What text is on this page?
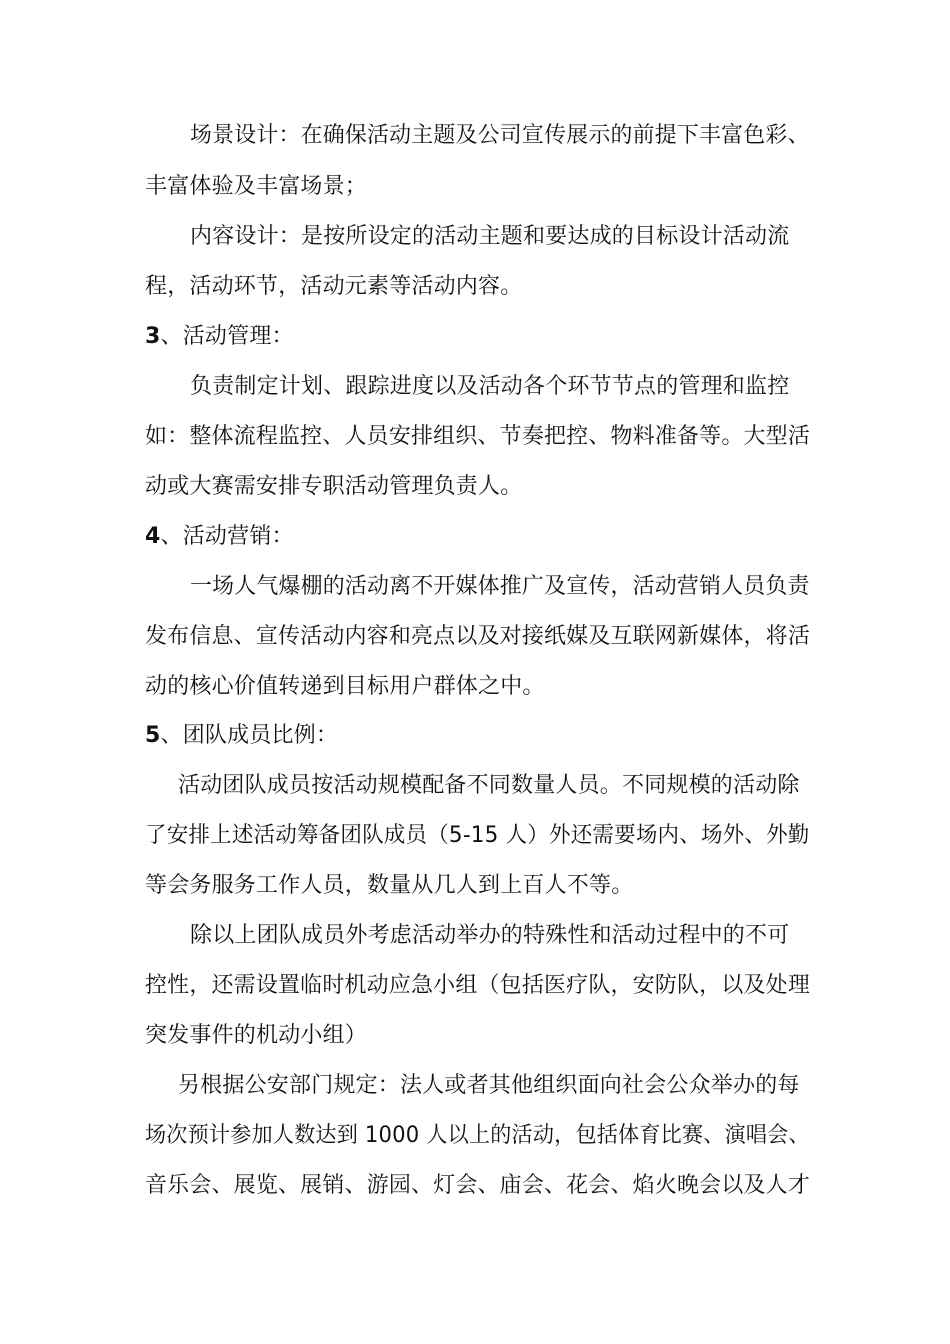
场景设计：在确保活动主题及公司宣传展示的前提下丰富色彩、
丰富体验及丰富场景；
内容设计：是按所设定的活动主题和要达成的目标设计活动流
程，活动环节，活动元素等活动内容。
3、活动管理：
负责制定计划、跟踪进度以及活动各个环节节点的管理和监控
如：整体流程监控、人员安排组织、节奏把控、物料准备等。大型活
动或大赛需安排专职活动管理负责人。
4、活动营销：
一场人气爆棚的活动离不开媒体推广及宣传，活动营销人员负责
发布信息、宣传活动内容和亮点以及对接纸媒及互联网新媒体，将活
动的核心价值转递到目标用户群体之中。
5、团队成员比例：
活动团队成员按活动规模配备不同数量人员。不同规模的活动除
了安排上述活动筹备团队成员（5-15 人）外还需要场内、场外、外勤
等会务服务工作人员，数量从几人到上百人不等。
除以上团队成员外考虑活动举办的特殊性和活动过程中的不可
控性，还需设置临时机动应急小组（包括医疗队，安防队，以及处理
突发事件的机动小组）
另根据公安部门规定：法人或者其他组织面向社会公众举办的每
场次预计参加人数达到 1000 人以上的活动，包括体育比赛、演唱会、
音乐会、展览、展销、游园、灯会、庙会、花会、焰火晚会以及人才
